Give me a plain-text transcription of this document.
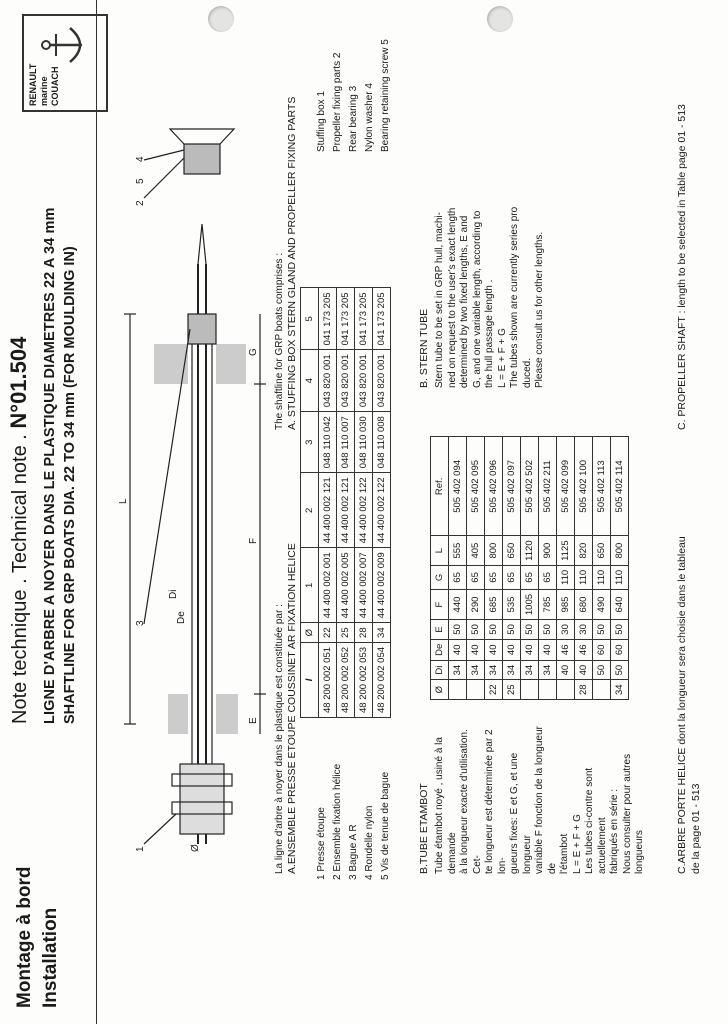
Montage à bord Installation
Note technique . Technical note . N°01.504 LIGNE D'ARBRE A NOYER DANS LE PLASTIQUE DIAMETRES 22 A 34 mm SHAFTLINE FOR GRP BOATS DIA. 22 TO 34 mm (FOR MOULDING IN)
RENAULT marine COUACH
1
2
3
4
5
L
F
G
E
Di
De
Ø	La ligne d'arbre à noyer dans le plastique est constituée par :
The shaftline for GRP boats comprises :
A.ENSEMBLE PRESSE ETOUPE COUSSINET AR FIXATION HELICE
A. STUFFING BOX STERN GLAND AND PROPELLER FIXING PARTS
1 Presse étoupe 2 Ensemble fixation hélice 3 Bague A R 4 Rondelle nylon 5 Vis de tenue de bague
I	Ø	1	2	3	4	5
48 200 002 051	22	44 400 002 001	44 400 002 121	048 110 042	043 820 001	041 173 205
48 200 002 052	25	44 400 002 005	44 400 002 121	048 110 007	043 820 001	041 173 205
48 200 002 053	28	44 400 002 007	44 400 002 122	048 110 030	043 820 001	041 173 205
48 200 002 054	34	44 400 002 009	44 400 002 122	048 110 008	043 820 001	041 173 205
Stuffing box 1 Propeller fixing parts 2 Rear bearing 3 Nylon washer 4 Bearing retaining screw 5
B.TUBE ETAMBOT
B. STERN TUBE
Tube étambot noyé , usiné à la demande à la longueur exacte d'utilisation. Cet- te longueur est déterminée par 2 lon- gueurs fixes: E et G, et une longueur variable F fonction de la longueur de l'étambot L = E + F + G Les tubes ci-contre sont actuellement fabriqués en série : Nous consulter pour autres longueurs
Ø	Di	De	E	F	G	L	Ref.
	34	40	50	440	65	555	505 402 094
	34	40	50	290	65	405	505 402 095
22	34	40	50	685	65	800	505 402 096
25	34	40	50	535	65	650	505 402 097
	34	40	50	1005	65	1120	505 402 502
	34	40	50	785	65	900	505 402 211
	40	46	30	985	110	1125	505 402 099
28	40	46	30	680	110	820	505 402 100
	50	60	50	490	110	650	505 402 113
34	50	60	50	640	110	800	505 402 114
Stern tube to be set in GRP hull, machi- ned on request to the user's exact length determined by two fixed lengths, E and G, and one variable length, according to the hull passage length . L = E + F + G The tubes shown are currently series pro duced. Please consult us for other lengths.
C.ARBRE PORTE HELICE dont la longueur sera choisie dans le tableau de la page 01 - 513
C. PROPELLER SHAFT : length to be selected in Table page 01 - 513
